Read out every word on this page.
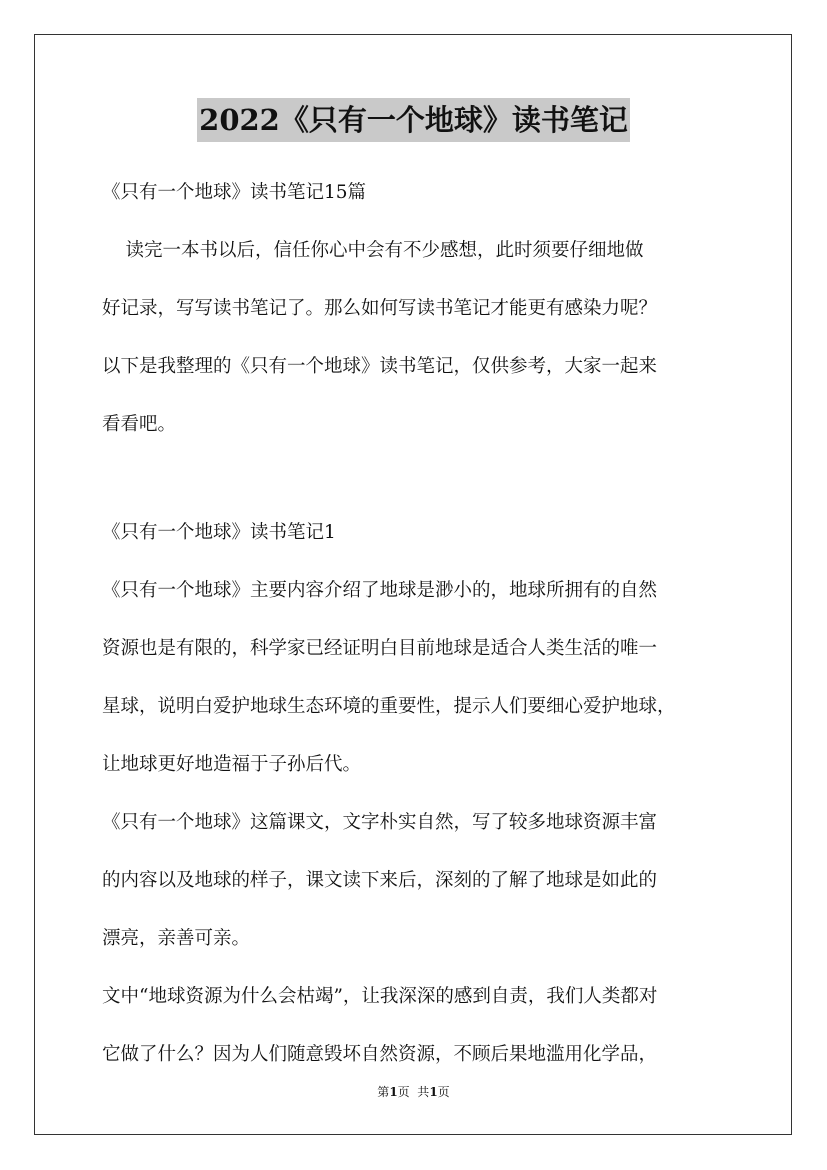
2022《只有一个地球》读书笔记
《只有一个地球》读书笔记15篇
读完一本书以后，信任你心中会有不少感想，此时须要仔细地做
好记录，写写读书笔记了。那么如何写读书笔记才能更有感染力呢？
以下是我整理的《只有一个地球》读书笔记，仅供参考，大家一起来
看看吧。
《只有一个地球》读书笔记1
《只有一个地球》主要内容介绍了地球是渺小的，地球所拥有的自然
资源也是有限的，科学家已经证明白目前地球是适合人类生活的唯一
星球，说明白爱护地球生态环境的重要性，提示人们要细心爱护地球，
让地球更好地造福于子孙后代。
《只有一个地球》这篇课文，文字朴实自然，写了较多地球资源丰富
的内容以及地球的样子，课文读下来后，深刻的了解了地球是如此的
漂亮，亲善可亲。
文中“地球资源为什么会枯竭”，让我深深的感到自责，我们人类都对
它做了什么？因为人们随意毁坏自然资源，不顾后果地滥用化学品，
第1页  共1页
